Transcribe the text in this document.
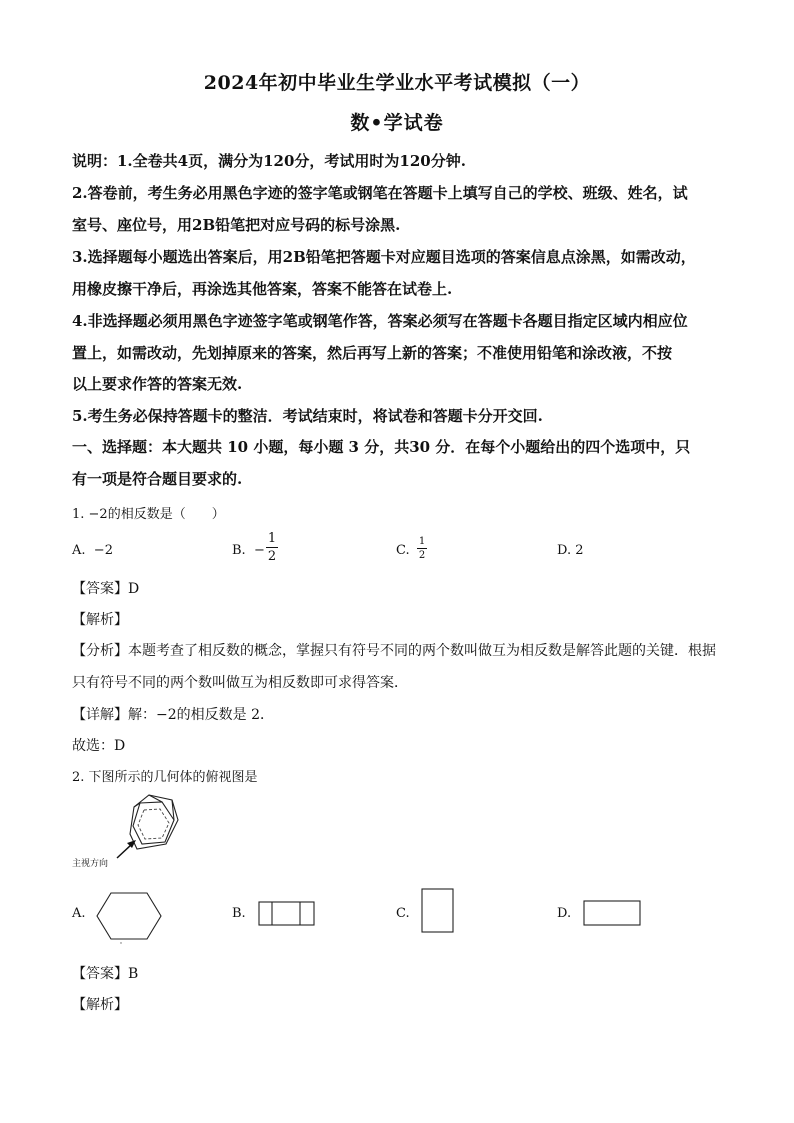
2024年初中毕业生学业水平考试模拟（一）
数•学试卷
说明：1.全卷共4页，满分为120分，考试用时为120分钟.
2.答卷前，考生务必用黑色字迹的签字笔或钢笔在答题卡上填写自己的学校、班级、姓名，试
室号、座位号，用2B铅笔把对应号码的标号涂黑.
3.选择题每小题选出答案后，用2B铅笔把答题卡对应题目选项的答案信息点涂黑，如需改动，
用橡皮擦干净后，再涂选其他答案，答案不能答在试卷上.
4.非选择题必须用黑色字迹签字笔或钢笔作答，答案必须写在答题卡各题目指定区域内相应位
置上，如需改动，先划掉原来的答案，然后再写上新的答案；不准使用铅笔和涂改液，不按
以上要求作答的答案无效.
5.考生务必保持答题卡的整洁．考试结束时，将试卷和答题卡分开交回.
一、选择题：本大题共 10 小题，每小题 3 分，共30 分．在每个小题给出的四个选项中，只
有一项是符合题目要求的.
1. −2的相反数是（　　）
A. −2	B. −
1
2	C.
1
2	D. 2
【答案】D
【解析】
【分析】本题考查了相反数的概念，掌握只有符号不同的两个数叫做互为相反数是解答此题的关键．根据
只有符号不同的两个数叫做互为相反数即可求得答案．
【详解】解：−2的相反数是 2．
故选：D
2. 下图所示的几何体的俯视图是
主视方向
A.	B.	C.	D.
【答案】B
【解析】
